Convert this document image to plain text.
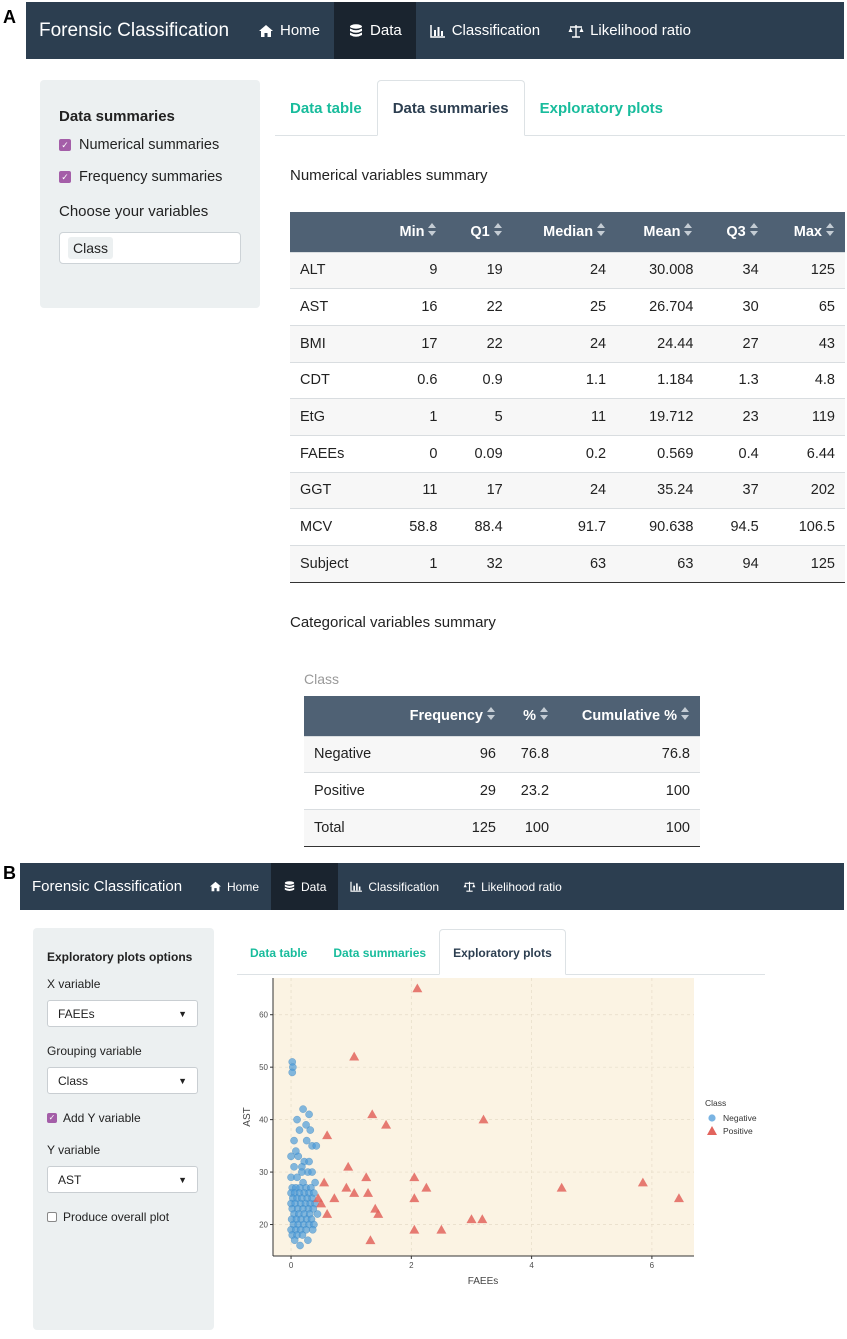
A
Forensic Classification	Home	Data	Classification	Likelihood ratio
Data summaries
✓ Numerical summaries
✓ Frequency summaries
Choose your variables
Class
Data table	Data summaries	Exploratory plots
Numerical variables summary
	Min	Q1	Median	Mean	Q3	Max

ALT	9	19	24	30.008	34	125
AST	16	22	25	26.704	30	65
BMI	17	22	24	24.44	27	43
CDT	0.6	0.9	1.1	1.184	1.3	4.8
EtG	1	5	11	19.712	23	119
FAEEs	0	0.09	0.2	0.569	0.4	6.44
GGT	11	17	24	35.24	37	202
MCV	58.8	88.4	91.7	90.638	94.5	106.5
Subject	1	32	63	63	94	125
Categorical variables summary
Class
	Frequency	%	Cumulative %

Negative	96	76.8	76.8
Positive	29	23.2	100
Total	125	100	100
B
Forensic Classification	Home	Data	Classification	Likelihood ratio
Exploratory plots options
X variable
FAEEs	▼
Grouping variable
Class	▼
✓ Add Y variable
Y variable
AST	▼
Produce overall plot
Data table	Data summaries	Exploratory plots
0	2	4	6
20
30
40
50
60
FAEEs
AST
Class
Negative
Positive
